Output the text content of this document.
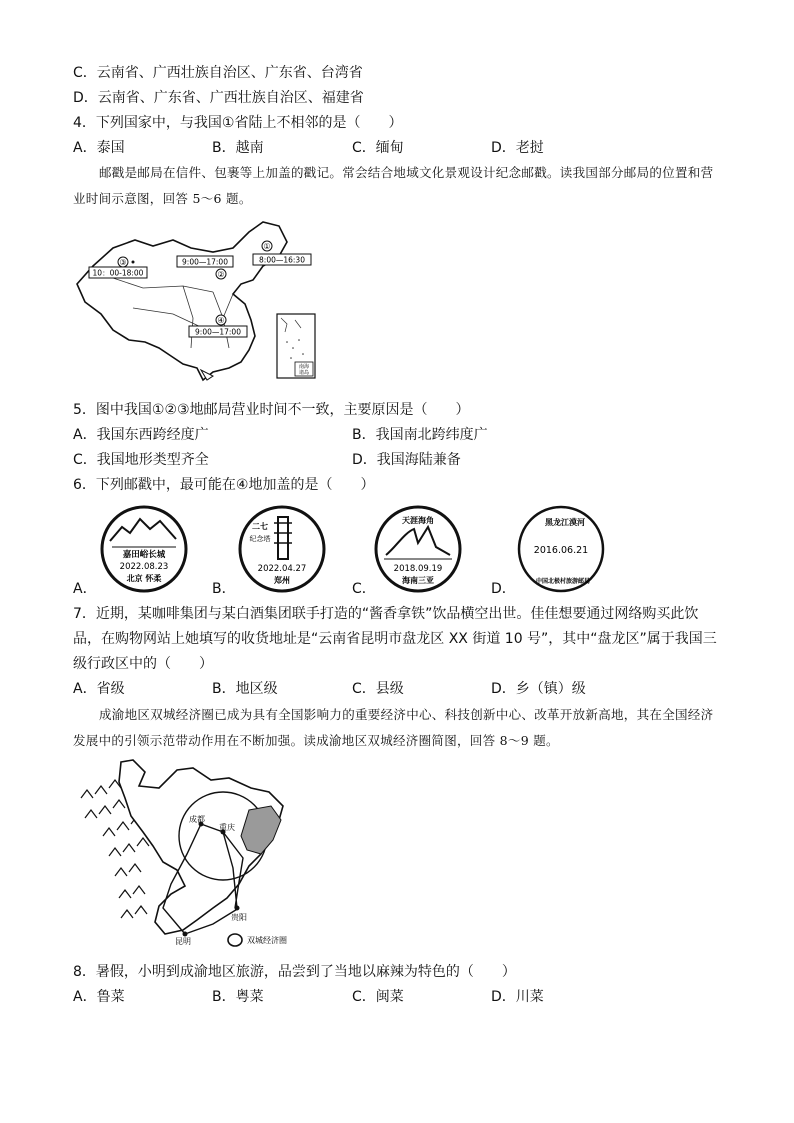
C．云南省、广西壮族自治区、广东省、台湾省
D．云南省、广东省、广西壮族自治区、福建省
4．下列国家中，与我国①省陆上不相邻的是（　　）
A．泰国	B．越南	C．缅甸	D．老挝
邮戳是邮局在信件、包裹等上加盖的戳记。常会结合地域文化景观设计纪念邮戳。读我国部分邮局的位置和营业时间示意图，回答 5～6 题。
①
8:00—16:30
9:00—17:00
②
③
10：00-18:00
④
9:00—17:00
南海
诸岛
5．图中我国①②③地邮局营业时间不一致，主要原因是（　　）
A．我国东西跨经度广	B．我国南北跨纬度广
C．我国地形类型齐全	D．我国海陆兼备
6．下列邮戳中，最可能在④地加盖的是（　　）
A．
嘉田峪长城
2022.08.23
北京 怀柔
B．
二七
纪念塔
2022.04.27
郑州
C．
天涯海角
2018.09.19
海南三亚
D．
黑龙江漠河
2016.06.21
中国北极村旅游邮局
7．近期，某咖啡集团与某白酒集团联手打造的“酱香拿铁”饮品横空出世。佳佳想要通过网络购买此饮品，在购物网站上她填写的收货地址是“云南省昆明市盘龙区 XX 街道 10 号”，其中“盘龙区”属于我国三级行政区中的（　　）
A．省级	B．地区级	C．县级	D．乡（镇）级
成渝地区双城经济圈已成为具有全国影响力的重要经济中心、科技创新中心、改革开放新高地，其在全国经济发展中的引领示范带动作用在不断加强。读成渝地区双城经济圈简图，回答 8～9 题。
成都
重庆
贵阳
昆明	双城经济圈
8．暑假，小明到成渝地区旅游，品尝到了当地以麻辣为特色的（　　）
A．鲁菜	B．粤菜	C．闽菜	D．川菜
